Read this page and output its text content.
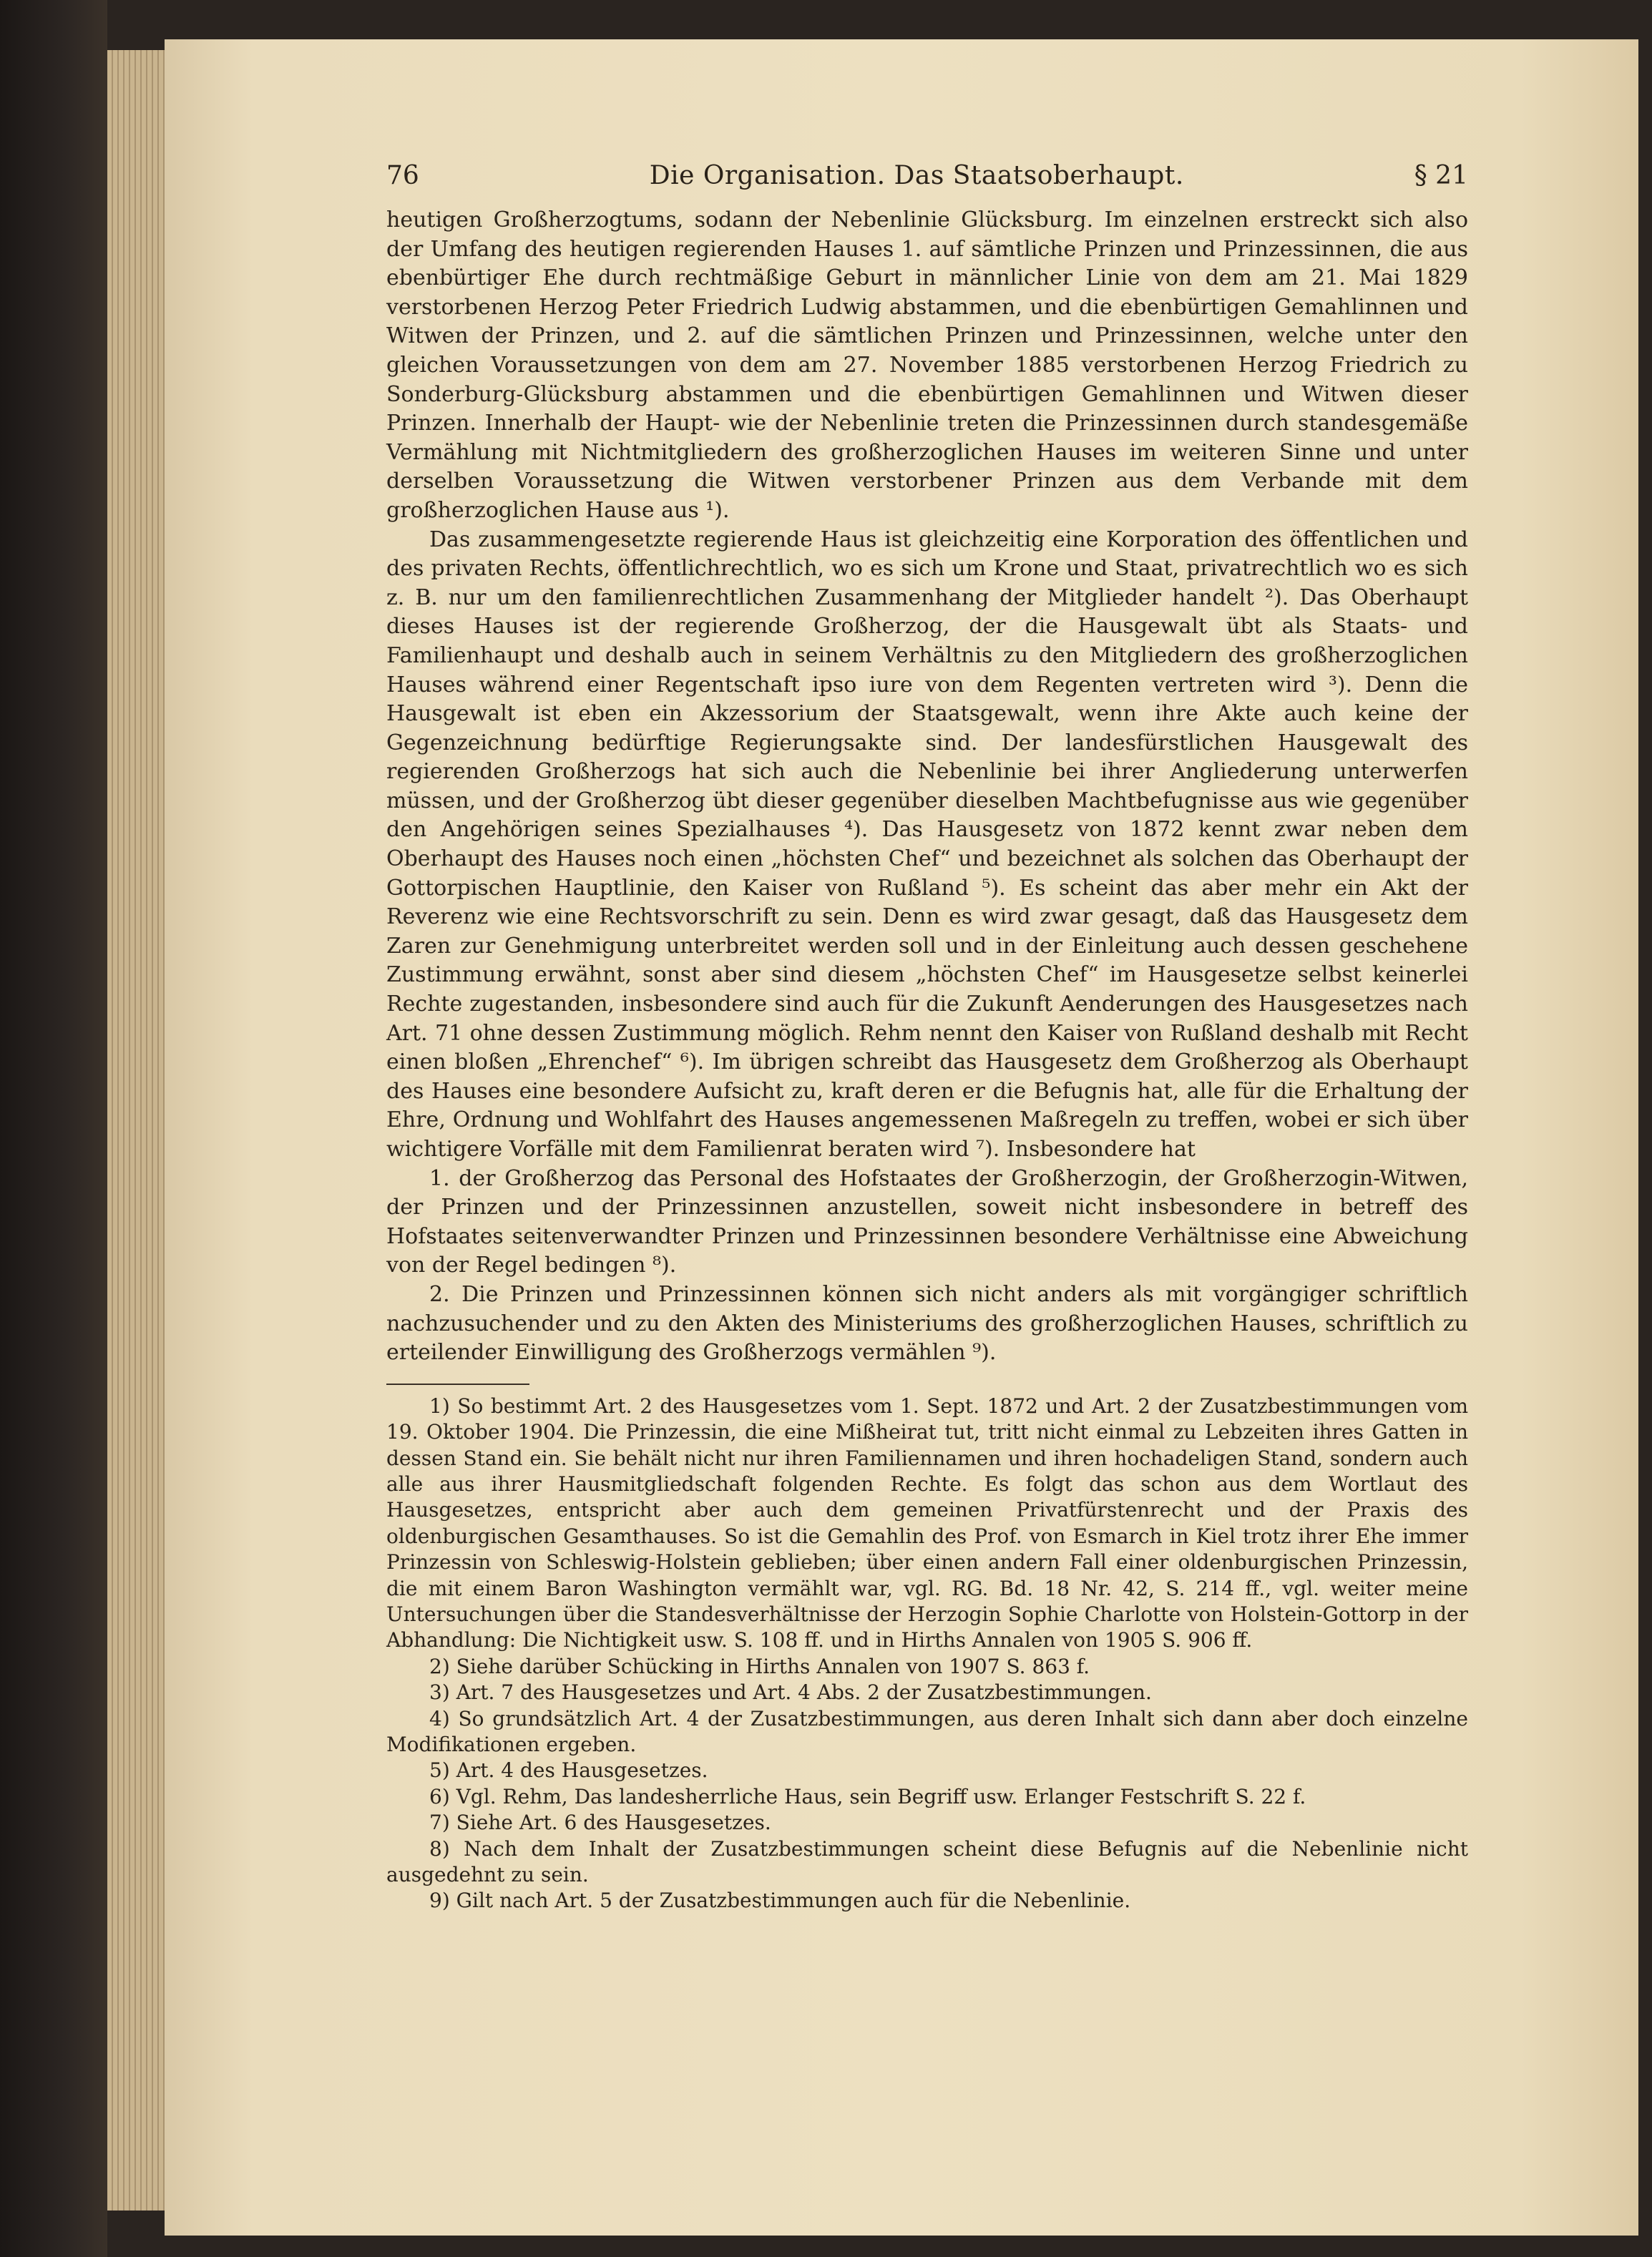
76	Die Organisation. Das Staatsoberhaupt.	§ 21

heutigen Großherzogtums, sodann der Nebenlinie Glücksburg. Im einzelnen erstreckt sich also der Umfang des heutigen regierenden Hauses 1. auf sämtliche Prinzen und Prinzessinnen, die aus ebenbürtiger Ehe durch rechtmäßige Geburt in männlicher Linie von dem am 21. Mai 1829 verstorbenen Herzog Peter Friedrich Ludwig abstammen, und die ebenbürtigen Gemahlinnen und Witwen der Prinzen, und 2. auf die sämtlichen Prinzen und Prinzessinnen, welche unter den gleichen Voraussetzungen von dem am 27. November 1885 verstorbenen Herzog Friedrich zu Sonderburg-Glücksburg abstammen und die ebenbürtigen Gemahlinnen und Witwen dieser Prinzen. Innerhalb der Haupt- wie der Nebenlinie treten die Prinzessinnen durch standesgemäße Vermählung mit Nichtmitgliedern des großherzoglichen Hauses im weiteren Sinne und unter derselben Voraussetzung die Witwen verstorbener Prinzen aus dem Verbande mit dem großherzoglichen Hause aus ¹).

Das zusammengesetzte regierende Haus ist gleichzeitig eine Korporation des öffentlichen und des privaten Rechts, öffentlichrechtlich, wo es sich um Krone und Staat, privatrechtlich wo es sich z. B. nur um den familienrechtlichen Zusammenhang der Mitglieder handelt ²). Das Oberhaupt dieses Hauses ist der regierende Großherzog, der die Hausgewalt übt als Staats- und Familienhaupt und deshalb auch in seinem Verhältnis zu den Mitgliedern des großherzoglichen Hauses während einer Regentschaft ipso iure von dem Regenten vertreten wird ³). Denn die Hausgewalt ist eben ein Akzessorium der Staatsgewalt, wenn ihre Akte auch keine der Gegenzeichnung bedürftige Regierungsakte sind. Der landesfürstlichen Hausgewalt des regierenden Großherzogs hat sich auch die Nebenlinie bei ihrer Angliederung unterwerfen müssen, und der Großherzog übt dieser gegenüber dieselben Machtbefugnisse aus wie gegenüber den Angehörigen seines Spezialhauses ⁴). Das Hausgesetz von 1872 kennt zwar neben dem Oberhaupt des Hauses noch einen „höchsten Chef“ und bezeichnet als solchen das Oberhaupt der Gottorpischen Hauptlinie, den Kaiser von Rußland ⁵). Es scheint das aber mehr ein Akt der Reverenz wie eine Rechtsvorschrift zu sein. Denn es wird zwar gesagt, daß das Hausgesetz dem Zaren zur Genehmigung unterbreitet werden soll und in der Einleitung auch dessen geschehene Zustimmung erwähnt, sonst aber sind diesem „höchsten Chef“ im Hausgesetze selbst keinerlei Rechte zugestanden, insbesondere sind auch für die Zukunft Aenderungen des Hausgesetzes nach Art. 71 ohne dessen Zustimmung möglich. Rehm nennt den Kaiser von Rußland deshalb mit Recht einen bloßen „Ehrenchef“ ⁶). Im übrigen schreibt das Hausgesetz dem Großherzog als Oberhaupt des Hauses eine besondere Aufsicht zu, kraft deren er die Befugnis hat, alle für die Erhaltung der Ehre, Ordnung und Wohlfahrt des Hauses angemessenen Maßregeln zu treffen, wobei er sich über wichtigere Vorfälle mit dem Familienrat beraten wird ⁷). Insbesondere hat

1. der Großherzog das Personal des Hofstaates der Großherzogin, der Großherzogin-Witwen, der Prinzen und der Prinzessinnen anzustellen, soweit nicht insbesondere in betreff des Hofstaates seitenverwandter Prinzen und Prinzessinnen besondere Verhältnisse eine Abweichung von der Regel bedingen ⁸).

2. Die Prinzen und Prinzessinnen können sich nicht anders als mit vorgängiger schriftlich nachzusuchender und zu den Akten des Ministeriums des großherzoglichen Hauses, schriftlich zu erteilender Einwilligung des Großherzogs vermählen ⁹).

1) So bestimmt Art. 2 des Hausgesetzes vom 1. Sept. 1872 und Art. 2 der Zusatzbestimmungen vom 19. Oktober 1904. Die Prinzessin, die eine Mißheirat tut, tritt nicht einmal zu Lebzeiten ihres Gatten in dessen Stand ein. Sie behält nicht nur ihren Familiennamen und ihren hochadeligen Stand, sondern auch alle aus ihrer Hausmitgliedschaft folgenden Rechte. Es folgt das schon aus dem Wortlaut des Hausgesetzes, entspricht aber auch dem gemeinen Privatfürstenrecht und der Praxis des oldenburgischen Gesamthauses. So ist die Gemahlin des Prof. von Esmarch in Kiel trotz ihrer Ehe immer Prinzessin von Schleswig-Holstein geblieben; über einen andern Fall einer oldenburgischen Prinzessin, die mit einem Baron Washington vermählt war, vgl. RG. Bd. 18 Nr. 42, S. 214 ff., vgl. weiter meine Untersuchungen über die Standesverhältnisse der Herzogin Sophie Charlotte von Holstein-Gottorp in der Abhandlung: Die Nichtigkeit usw. S. 108 ff. und in Hirths Annalen von 1905 S. 906 ff.

2) Siehe darüber Schücking in Hirths Annalen von 1907 S. 863 f.

3) Art. 7 des Hausgesetzes und Art. 4 Abs. 2 der Zusatzbestimmungen.

4) So grundsätzlich Art. 4 der Zusatzbestimmungen, aus deren Inhalt sich dann aber doch einzelne Modifikationen ergeben.

5) Art. 4 des Hausgesetzes.

6) Vgl. Rehm, Das landesherrliche Haus, sein Begriff usw. Erlanger Festschrift S. 22 f.

7) Siehe Art. 6 des Hausgesetzes.

8) Nach dem Inhalt der Zusatzbestimmungen scheint diese Befugnis auf die Nebenlinie nicht ausgedehnt zu sein.

9) Gilt nach Art. 5 der Zusatzbestimmungen auch für die Nebenlinie.
